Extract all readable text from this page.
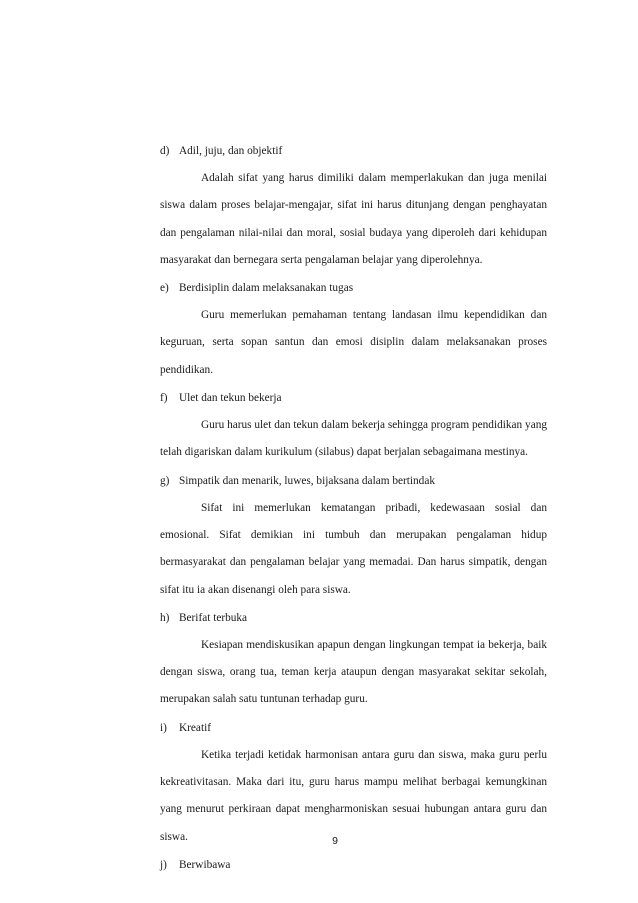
d) Adil, juju, dan objektif

Adalah sifat yang harus dimiliki dalam memperlakukan dan juga menilai siswa dalam proses belajar-mengajar, sifat ini harus ditunjang dengan penghayatan dan pengalaman nilai-nilai dan moral, sosial budaya yang diperoleh dari kehidupan masyarakat dan bernegara serta pengalaman belajar yang diperolehnya.

e) Berdisiplin dalam melaksanakan tugas

Guru memerlukan pemahaman tentang landasan ilmu kependidikan dan keguruan, serta sopan santun dan emosi disiplin dalam melaksanakan proses pendidikan.

f) Ulet dan tekun bekerja

Guru harus ulet dan tekun dalam bekerja sehingga program pendidikan yang telah digariskan dalam kurikulum (silabus) dapat berjalan sebagaimana mestinya.

g) Simpatik dan menarik, luwes, bijaksana dalam bertindak

Sifat ini memerlukan kematangan pribadi, kedewasaan sosial dan emosional. Sifat demikian ini tumbuh dan merupakan pengalaman hidup bermasyarakat dan pengalaman belajar yang memadai. Dan harus simpatik, dengan sifat itu ia akan disenangi oleh para siswa.

h) Berifat terbuka

Kesiapan mendiskusikan apapun dengan lingkungan tempat ia bekerja, baik dengan siswa, orang tua, teman kerja ataupun dengan masyarakat sekitar sekolah, merupakan salah satu tuntunan terhadap guru.

i) Kreatif

Ketika terjadi ketidak harmonisan antara guru dan siswa, maka guru perlu kekreativitasan. Maka dari itu, guru harus mampu melihat berbagai kemungkinan yang menurut perkiraan dapat mengharmoniskan sesuai hubungan antara guru dan siswa.

j) Berwibawa
9
